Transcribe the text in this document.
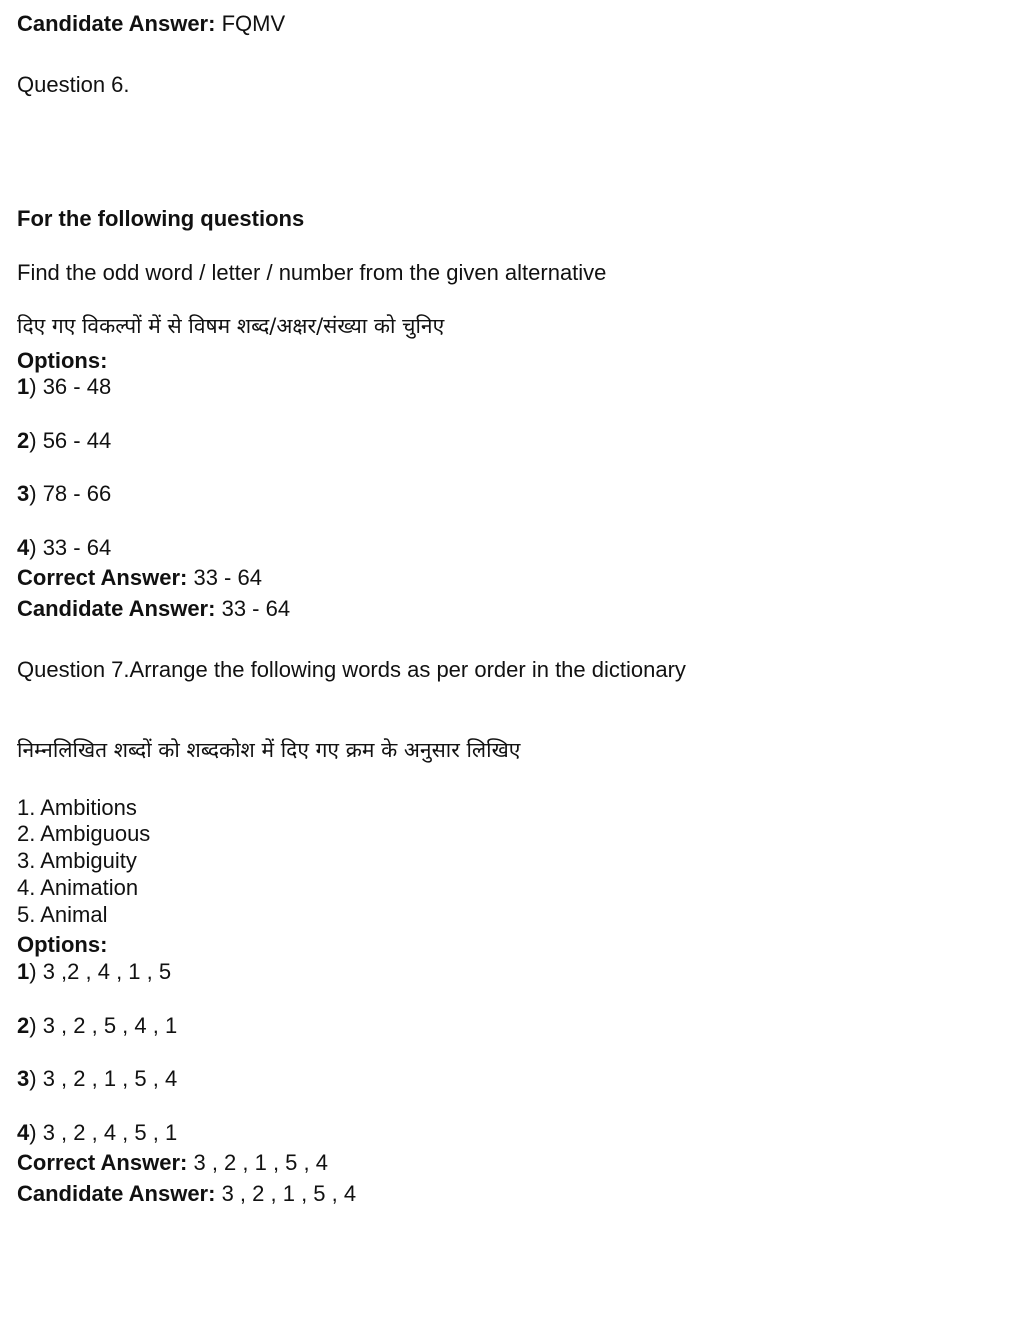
Candidate Answer: FQMV
Question 6.
For the following questions
Find the odd word / letter / number from the given alternative
दिए गए विकल्पों में से विषम शब्द/अक्षर/संख्या को चुनिए
Options:
1) 36 - 48
2) 56 - 44
3) 78 - 66
4) 33 - 64
Correct Answer: 33 - 64
Candidate Answer: 33 - 64
Question 7.Arrange the following words as per order in the dictionary
निम्नलिखित शब्दों को शब्दकोश में दिए गए क्रम के अनुसार लिखिए
1. Ambitions
2. Ambiguous
3. Ambiguity
4. Animation
5. Animal
Options:
1) 3 ,2 , 4 , 1 , 5
2) 3 , 2 , 5 , 4 , 1
3) 3 , 2 , 1 , 5 , 4
4) 3 , 2 , 4 , 5 , 1
Correct Answer: 3 , 2 , 1 , 5 , 4
Candidate Answer: 3 , 2 , 1 , 5 , 4
